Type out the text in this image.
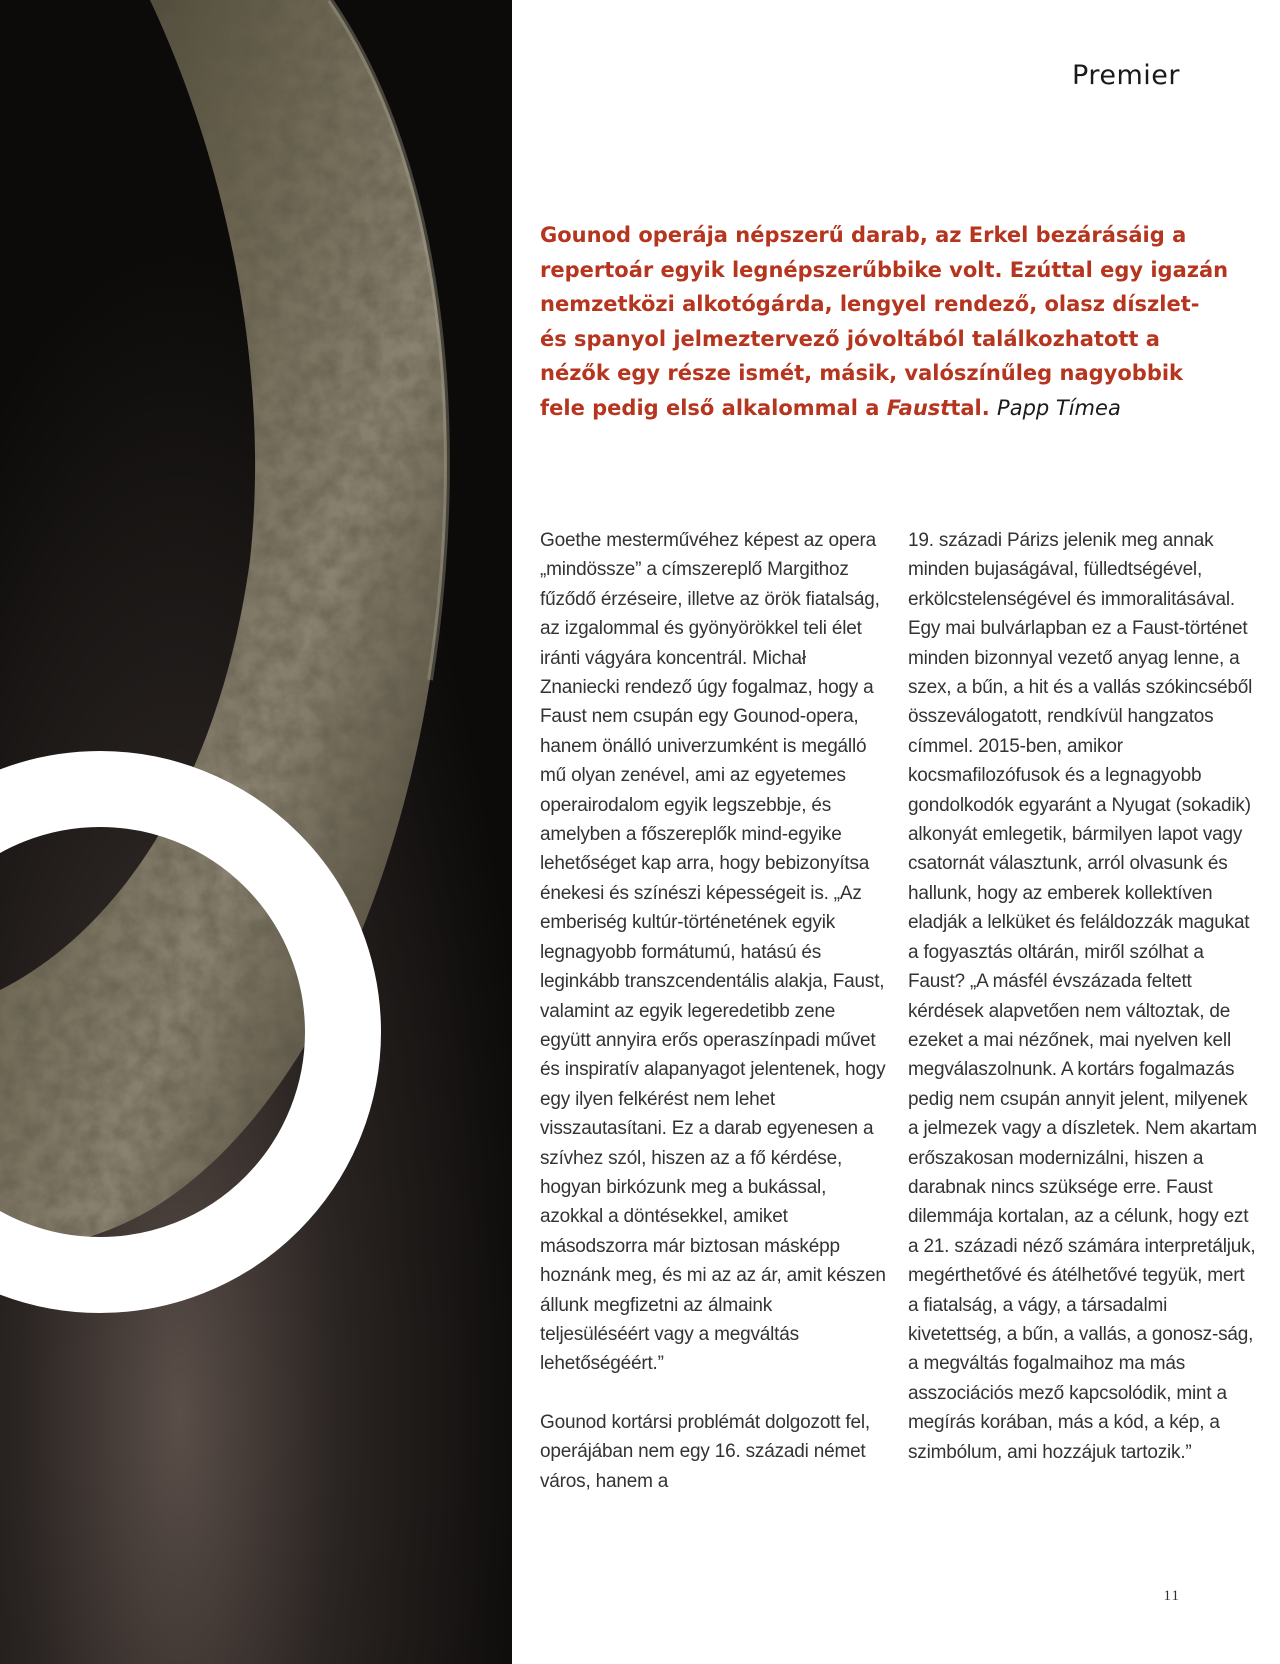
Premier

Gounod operája népszerű darab, az Erkel bezárásáig a repertoár egyik legnépszerűbbike volt. Ezúttal egy igazán nemzetközi alkotógárda, lengyel rendező, olasz díszlet- és spanyol jelmeztervező jóvoltából találkozhatott a nézők egy része ismét, másik, valószínűleg nagyobbik fele pedig első alkalommal a Fausttal. Papp Tímea

Goethe mesterművéhez képest az opera „mindössze” a címszereplő Margithoz fűződő érzéseire, illetve az örök fiatalság, az izgalommal és gyönyörökkel teli élet iránti vágyára koncentrál. Michał Znaniecki rendező úgy fogalmaz, hogy a Faust nem csupán egy Gounod-opera, hanem önálló univerzumként is megálló mű olyan zenével, ami az egyetemes operairodalom egyik legszebbje, és amelyben a főszereplők mind-egyike lehetőséget kap arra, hogy bebizonyítsa énekesi és színészi képességeit is. „Az emberiség kultúr-történetének egyik legnagyobb formátumú, hatású és leginkább transzcendentális alakja, Faust, valamint az egyik legeredetibb zene együtt annyira erős operaszínpadi művet és inspiratív alapanyagot jelentenek, hogy egy ilyen felkérést nem lehet visszautasítani. Ez a darab egyenesen a szívhez szól, hiszen az a fő kérdése, hogyan birkózunk meg a bukással, azokkal a döntésekkel, amiket másodszorra már biztosan másképp hoznánk meg, és mi az az ár, amit készen állunk megfizetni az álmaink teljesüléséért vagy a megváltás lehetőségéért.”

Gounod kortársi problémát dolgozott fel, operájában nem egy 16. századi német város, hanem a

19. századi Párizs jelenik meg annak minden bujaságával, fülledtségével, erkölcstelenségével és immoralitásával. Egy mai bulvárlapban ez a Faust-történet minden bizonnyal vezető anyag lenne, a szex, a bűn, a hit és a vallás szókincséből összeválogatott, rendkívül hangzatos címmel. 2015-ben, amikor kocsmafilozófusok és a legnagyobb gondolkodók egyaránt a Nyugat (sokadik) alkonyát emlegetik, bármilyen lapot vagy csatornát választunk, arról olvasunk és hallunk, hogy az emberek kollektíven eladják a lelküket és feláldozzák magukat a fogyasztás oltárán, miről szólhat a Faust? „A másfél évszázada feltett kérdések alapvetően nem változtak, de ezeket a mai nézőnek, mai nyelven kell megválaszolnunk. A kortárs fogalmazás pedig nem csupán annyit jelent, milyenek a jelmezek vagy a díszletek. Nem akartam erőszakosan modernizálni, hiszen a darabnak nincs szüksége erre. Faust dilemmája kortalan, az a célunk, hogy ezt a 21. századi néző számára interpretáljuk, megérthetővé és átélhetővé tegyük, mert a fiatalság, a vágy, a társadalmi kivetettség, a bűn, a vallás, a gonosz-ság, a megváltás fogalmaihoz ma más asszociációs mező kapcsolódik, mint a megírás korában, más a kód, a kép, a szimbólum, ami hozzájuk tartozik.”

11
